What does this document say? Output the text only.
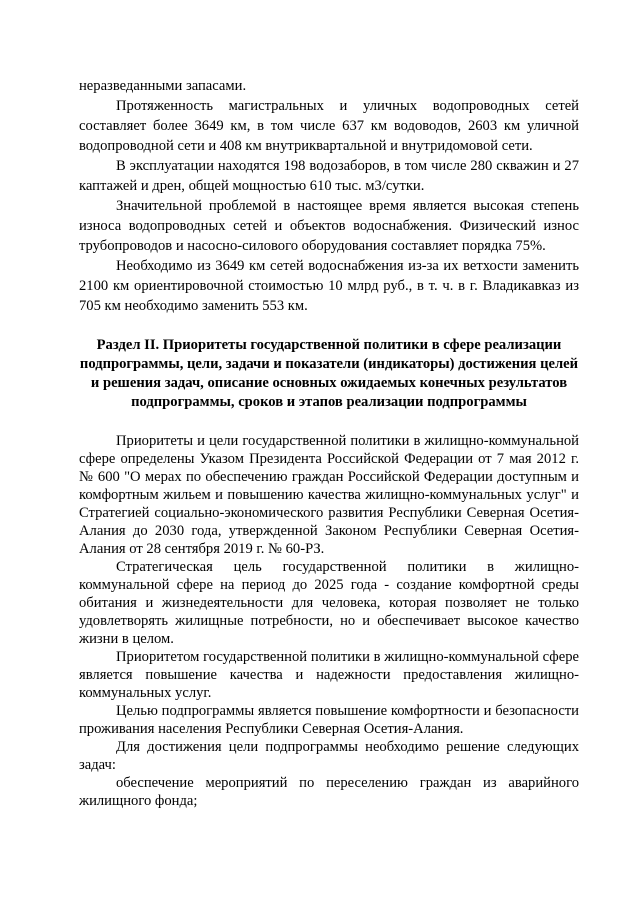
неразведанными запасами.

Протяженность магистральных и уличных водопроводных сетей составляет более 3649 км, в том числе 637 км водоводов, 2603 км уличной водопроводной сети и 408 км внутриквартальной и внутридомовой сети.

В эксплуатации находятся 198 водозаборов, в том числе 280 скважин и 27 каптажей и дрен, общей мощностью 610 тыс. м3/сутки.

Значительной проблемой в настоящее время является высокая степень износа водопроводных сетей и объектов водоснабжения. Физический износ трубопроводов и насосно-силового оборудования составляет порядка 75%.

Необходимо из 3649 км сетей водоснабжения из-за их ветхости заменить 2100 км ориентировочной стоимостью 10 млрд руб., в т. ч. в г. Владикавказ из 705 км необходимо заменить 553 км.

Раздел II. Приоритеты государственной политики в сфере реализации подпрограммы, цели, задачи и показатели (индикаторы) достижения целей и решения задач, описание основных ожидаемых конечных результатов подпрограммы, сроков и этапов реализации подпрограммы

Приоритеты и цели государственной политики в жилищно-коммунальной сфере определены Указом Президента Российской Федерации от 7 мая 2012 г. № 600 "О мерах по обеспечению граждан Российской Федерации доступным и комфортным жильем и повышению качества жилищно-коммунальных услуг" и Стратегией социально-экономического развития Республики Северная Осетия-Алания до 2030 года, утвержденной Законом Республики Северная Осетия-Алания от 28 сентября 2019 г. № 60-РЗ.

Стратегическая цель государственной политики в жилищно-коммунальной сфере на период до 2025 года - создание комфортной среды обитания и жизнедеятельности для человека, которая позволяет не только удовлетворять жилищные потребности, но и обеспечивает высокое качество жизни в целом.

Приоритетом государственной политики в жилищно-коммунальной сфере является повышение качества и надежности предоставления жилищно-коммунальных услуг.

Целью подпрограммы является повышение комфортности и безопасности проживания населения Республики Северная Осетия-Алания.

Для достижения цели подпрограммы необходимо решение следующих задач:

обеспечение мероприятий по переселению граждан из аварийного жилищного фонда;
